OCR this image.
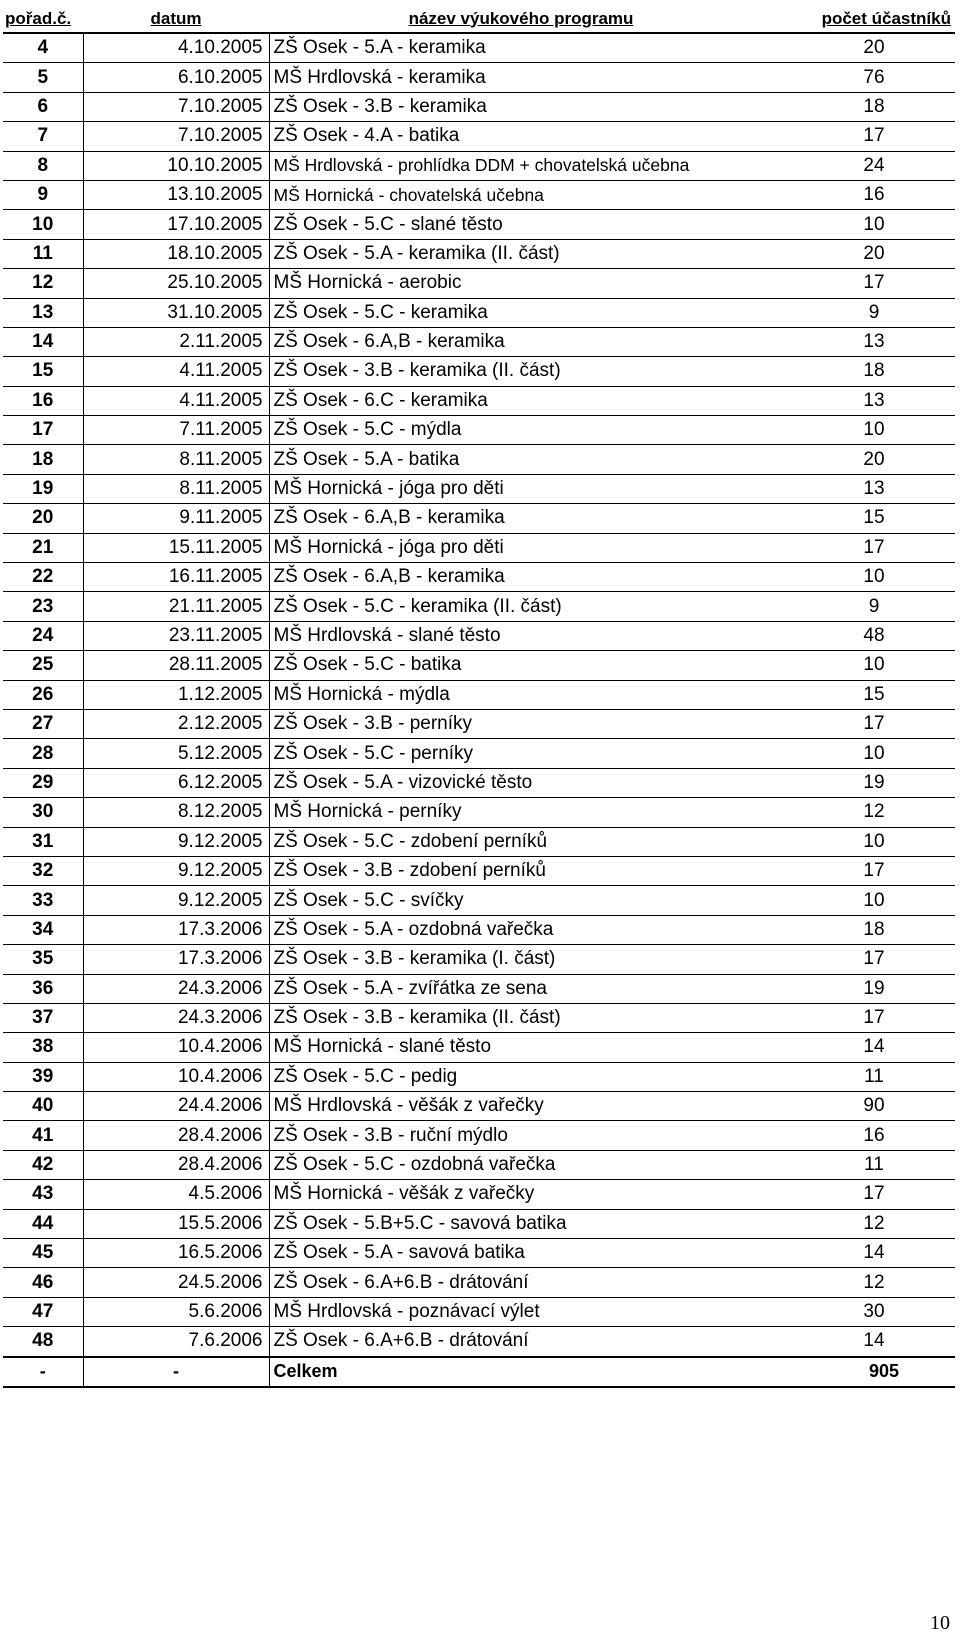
pořad.č.	datum	název výukového programu	počet účastníků
4	4.10.2005	ZŠ Osek - 5.A - keramika	20
5	6.10.2005	MŠ Hrdlovská - keramika	76
6	7.10.2005	ZŠ Osek - 3.B - keramika	18
7	7.10.2005	ZŠ Osek - 4.A - batika	17
8	10.10.2005	MŠ Hrdlovská - prohlídka DDM + chovatelská učebna	24
9	13.10.2005	MŠ Hornická - chovatelská učebna	16
10	17.10.2005	ZŠ Osek - 5.C - slané těsto	10
11	18.10.2005	ZŠ Osek - 5.A - keramika (II. část)	20
12	25.10.2005	MŠ Hornická - aerobic	17
13	31.10.2005	ZŠ Osek - 5.C - keramika	9
14	2.11.2005	ZŠ Osek - 6.A,B - keramika	13
15	4.11.2005	ZŠ Osek - 3.B - keramika (II. část)	18
16	4.11.2005	ZŠ Osek - 6.C - keramika	13
17	7.11.2005	ZŠ Osek - 5.C - mýdla	10
18	8.11.2005	ZŠ Osek - 5.A - batika	20
19	8.11.2005	MŠ Hornická - jóga pro děti	13
20	9.11.2005	ZŠ Osek - 6.A,B - keramika	15
21	15.11.2005	MŠ Hornická - jóga pro děti	17
22	16.11.2005	ZŠ Osek - 6.A,B - keramika	10
23	21.11.2005	ZŠ Osek - 5.C - keramika (II. část)	9
24	23.11.2005	MŠ Hrdlovská - slané těsto	48
25	28.11.2005	ZŠ Osek - 5.C - batika	10
26	1.12.2005	MŠ Hornická - mýdla	15
27	2.12.2005	ZŠ Osek - 3.B - perníky	17
28	5.12.2005	ZŠ Osek - 5.C - perníky	10
29	6.12.2005	ZŠ Osek - 5.A - vizovické těsto	19
30	8.12.2005	MŠ Hornická - perníky	12
31	9.12.2005	ZŠ Osek - 5.C - zdobení perníků	10
32	9.12.2005	ZŠ Osek - 3.B - zdobení perníků	17
33	9.12.2005	ZŠ Osek - 5.C - svíčky	10
34	17.3.2006	ZŠ Osek - 5.A - ozdobná vařečka	18
35	17.3.2006	ZŠ Osek - 3.B - keramika (I. část)	17
36	24.3.2006	ZŠ Osek - 5.A - zvířátka ze sena	19
37	24.3.2006	ZŠ Osek - 3.B - keramika (II. část)	17
38	10.4.2006	MŠ Hornická - slané těsto	14
39	10.4.2006	ZŠ Osek - 5.C - pedig	11
40	24.4.2006	MŠ Hrdlovská - věšák z vařečky	90
41	28.4.2006	ZŠ Osek - 3.B - ruční mýdlo	16
42	28.4.2006	ZŠ Osek - 5.C - ozdobná vařečka	11
43	4.5.2006	MŠ Hornická - věšák z vařečky	17
44	15.5.2006	ZŠ Osek - 5.B+5.C - savová batika	12
45	16.5.2006	ZŠ Osek - 5.A - savová batika	14
46	24.5.2006	ZŠ Osek - 6.A+6.B - drátování	12
47	5.6.2006	MŠ Hrdlovská - poznávací výlet	30
48	7.6.2006	ZŠ Osek - 6.A+6.B - drátování	14
-	-	Celkem	905
10
